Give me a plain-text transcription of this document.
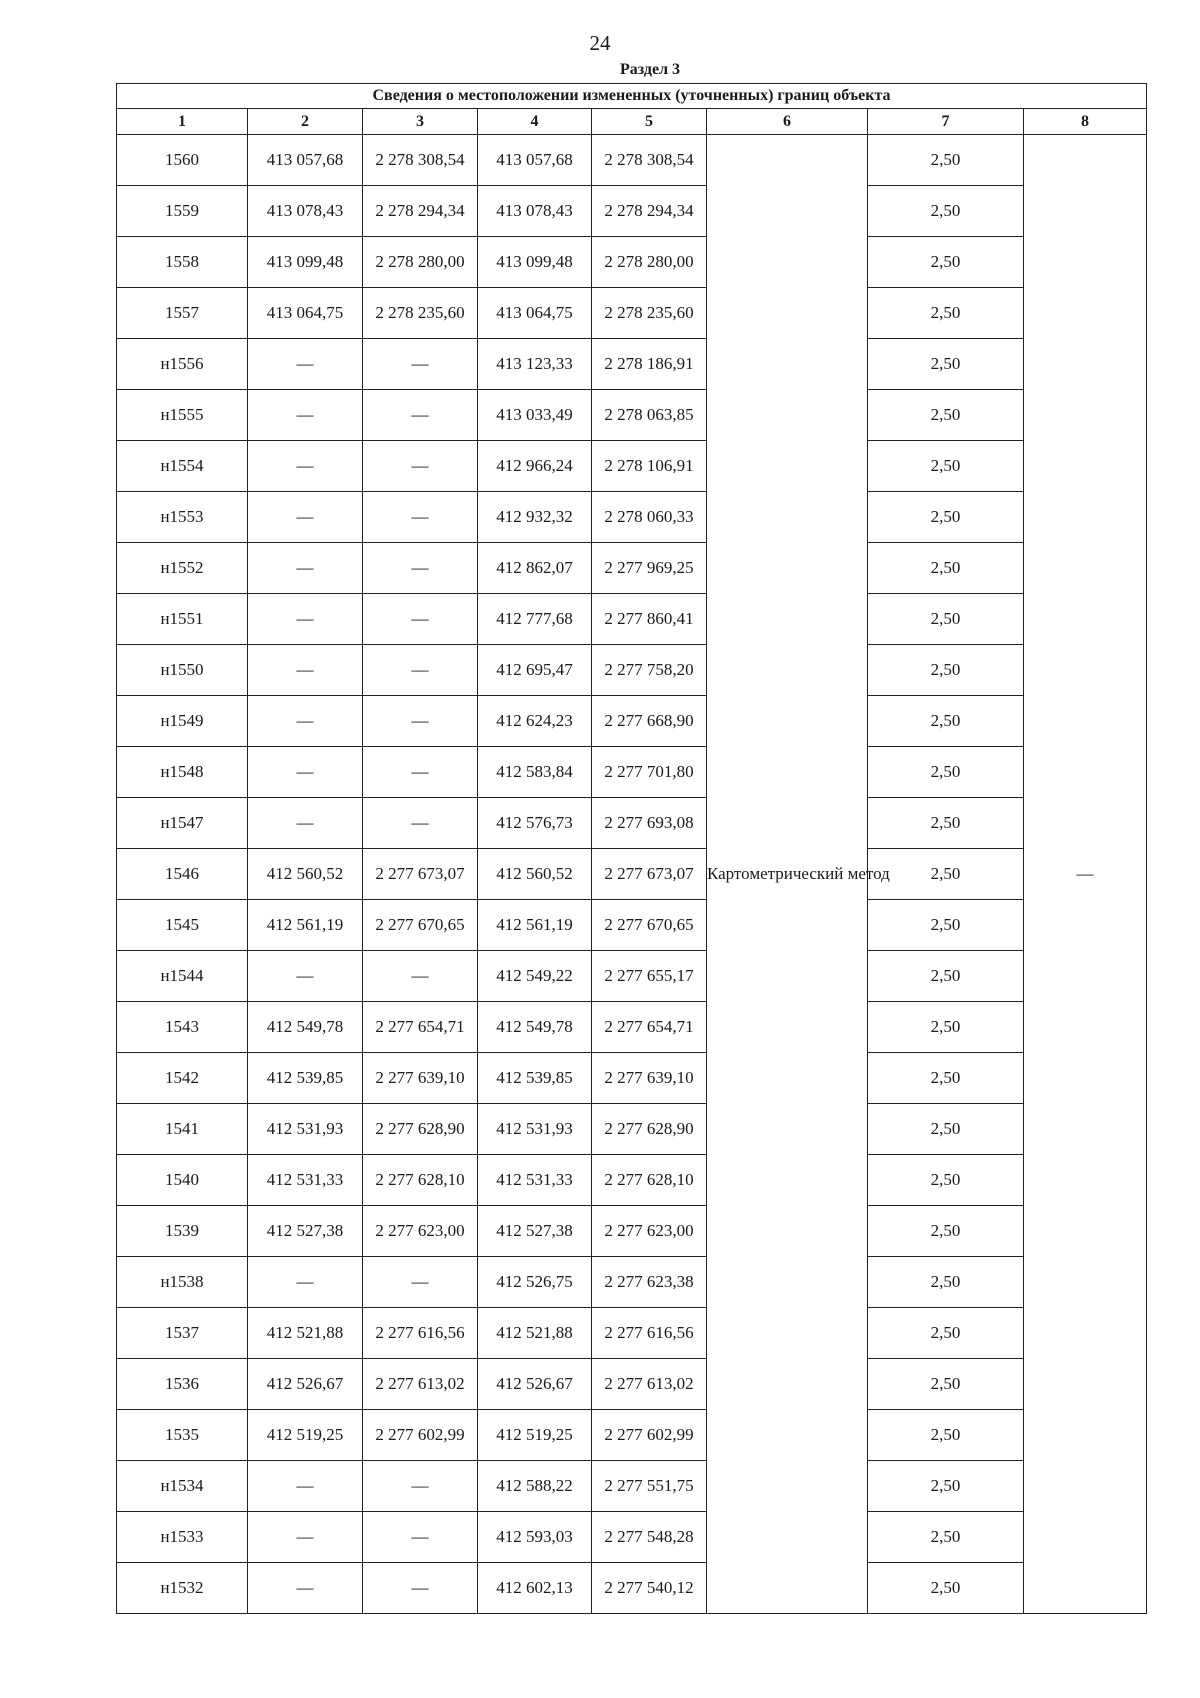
24
Раздел 3
Сведения о местоположении измененных (уточненных) границ объекта							
1	2	3	4	5	6	7	8
1560	413 057,68	2 278 308,54	413 057,68	2 278 308,54	Картометрический метод	2,50	—
1559	413 078,43	2 278 294,34	413 078,43	2 278 294,34		2,50	
1558	413 099,48	2 278 280,00	413 099,48	2 278 280,00		2,50	
1557	413 064,75	2 278 235,60	413 064,75	2 278 235,60		2,50	
н1556	—	—	413 123,33	2 278 186,91		2,50	
н1555	—	—	413 033,49	2 278 063,85		2,50	
н1554	—	—	412 966,24	2 278 106,91		2,50	
н1553	—	—	412 932,32	2 278 060,33		2,50	
н1552	—	—	412 862,07	2 277 969,25		2,50	
н1551	—	—	412 777,68	2 277 860,41		2,50	
н1550	—	—	412 695,47	2 277 758,20		2,50	
н1549	—	—	412 624,23	2 277 668,90		2,50	
н1548	—	—	412 583,84	2 277 701,80		2,50	
н1547	—	—	412 576,73	2 277 693,08		2,50	
1546	412 560,52	2 277 673,07	412 560,52	2 277 673,07		2,50	
1545	412 561,19	2 277 670,65	412 561,19	2 277 670,65		2,50	
н1544	—	—	412 549,22	2 277 655,17		2,50	
1543	412 549,78	2 277 654,71	412 549,78	2 277 654,71		2,50	
1542	412 539,85	2 277 639,10	412 539,85	2 277 639,10		2,50	
1541	412 531,93	2 277 628,90	412 531,93	2 277 628,90		2,50	
1540	412 531,33	2 277 628,10	412 531,33	2 277 628,10		2,50	
1539	412 527,38	2 277 623,00	412 527,38	2 277 623,00		2,50	
н1538	—	—	412 526,75	2 277 623,38		2,50	
1537	412 521,88	2 277 616,56	412 521,88	2 277 616,56		2,50	
1536	412 526,67	2 277 613,02	412 526,67	2 277 613,02		2,50	
1535	412 519,25	2 277 602,99	412 519,25	2 277 602,99		2,50	
н1534	—	—	412 588,22	2 277 551,75		2,50	
н1533	—	—	412 593,03	2 277 548,28		2,50	
н1532	—	—	412 602,13	2 277 540,12		2,50	
